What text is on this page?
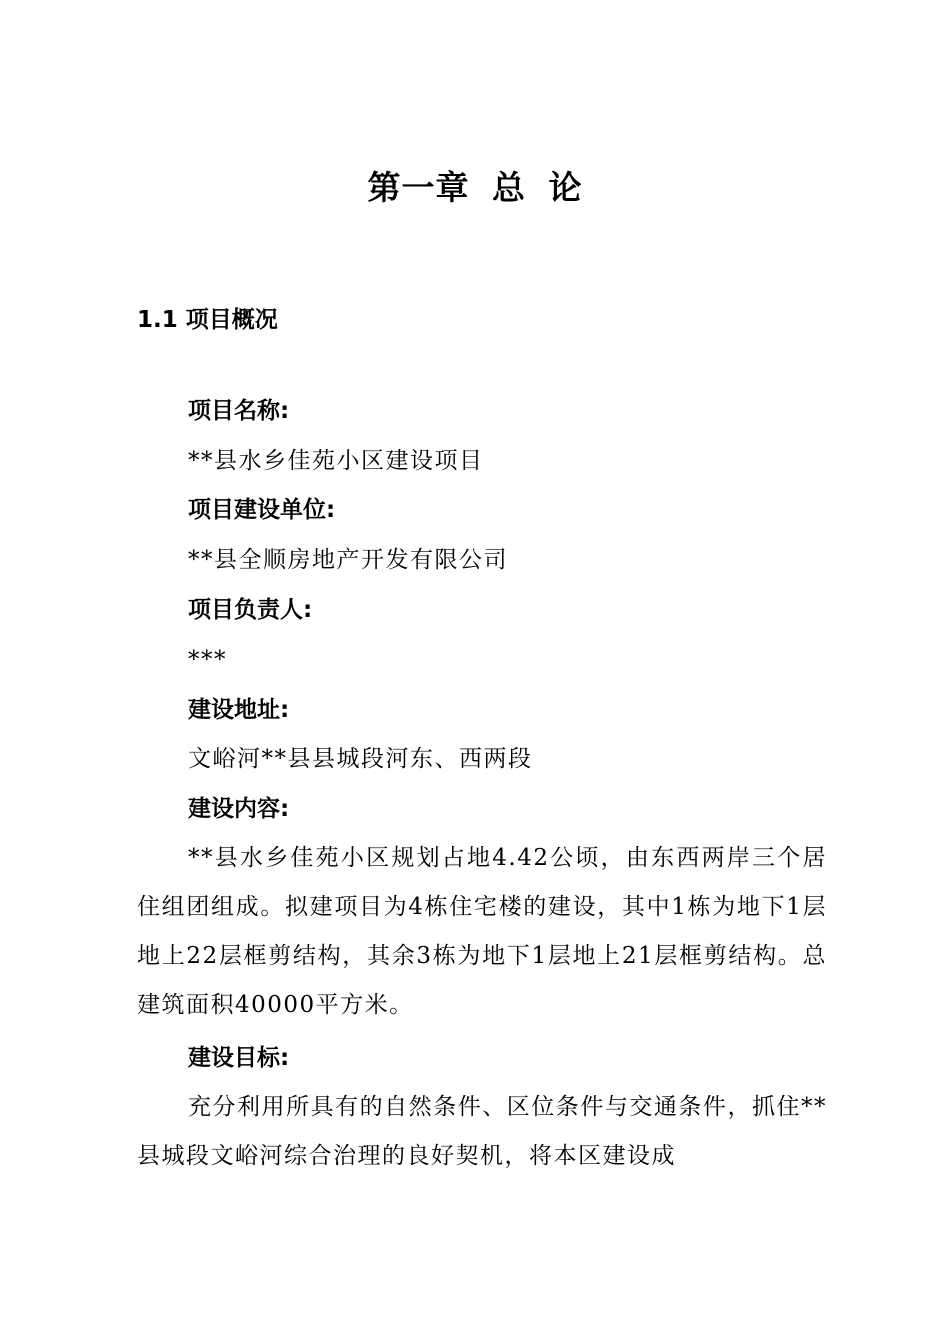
第一章 总 论
1.1 项目概况

项目名称:

**县水乡佳苑小区建设项目

项目建设单位:

**县全顺房地产开发有限公司

项目负责人:

***

建设地址:

文峪河**县县城段河东、西两段

建设内容:

**县水乡佳苑小区规划占地4.42公顷，由东西两岸三个居住组团组成。拟建项目为4栋住宅楼的建设，其中1栋为地下1层地上22层框剪结构，其余3栋为地下1层地上21层框剪结构。总建筑面积40000平方米。

建设目标:

充分利用所具有的自然条件、区位条件与交通条件，抓住**县城段文峪河综合治理的良好契机，将本区建设成
